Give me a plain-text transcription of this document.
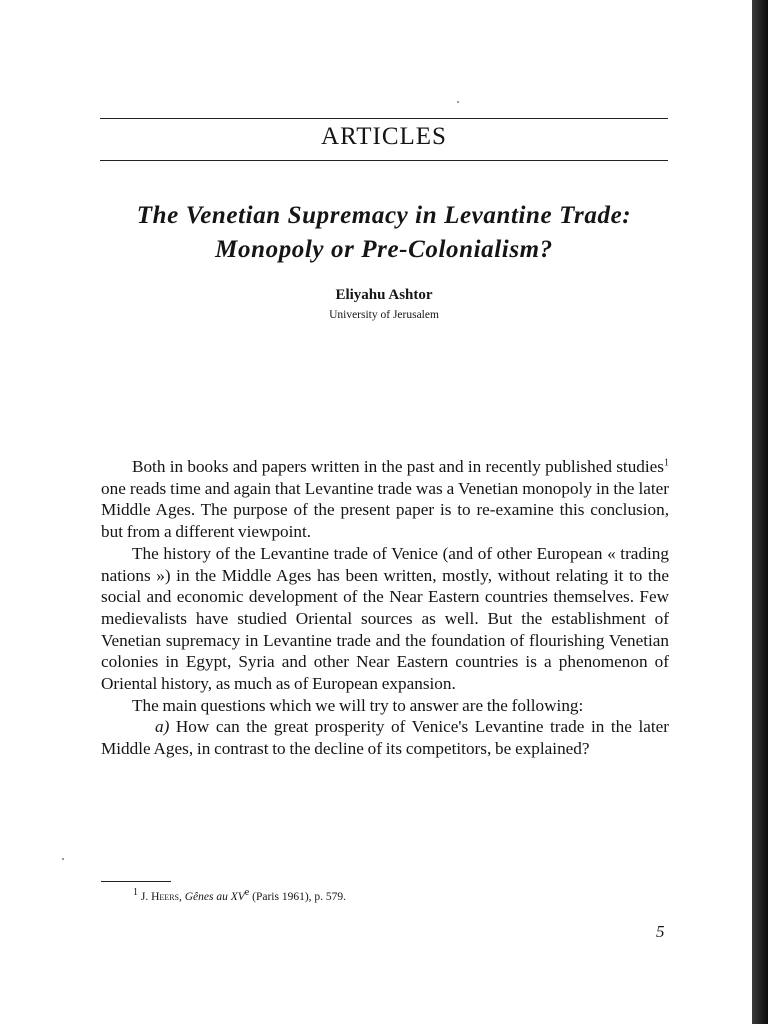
ARTICLES
The Venetian Supremacy in Levantine Trade:
Monopoly or Pre-Colonialism?
Eliyahu Ashtor
University of Jerusalem

Both in books and papers written in the past and in recently published studies$^1$ one reads time and again that Levantine trade was a Venetian monopoly in the later Middle Ages. The purpose of the present paper is to re-examine this conclusion, but from a different viewpoint.

The history of the Levantine trade of Venice (and of other European « trading nations ») in the Middle Ages has been written, mostly, without relating it to the social and economic development of the Near Eastern countries themselves. Few medievalists have studied Oriental sources as well. But the establishment of Venetian supremacy in Levantine trade and the foundation of flourishing Venetian colonies in Egypt, Syria and other Near Eastern countries is a phenomenon of Oriental history, as much as of European expansion.

The main questions which we will try to answer are the following:

a) How can the great prosperity of Venice's Levantine trade in the later Middle Ages, in contrast to the decline of its competitors, be explained?

$^1$ J. Heers, Gênes au XVe (Paris 1961), p. 579.
5
